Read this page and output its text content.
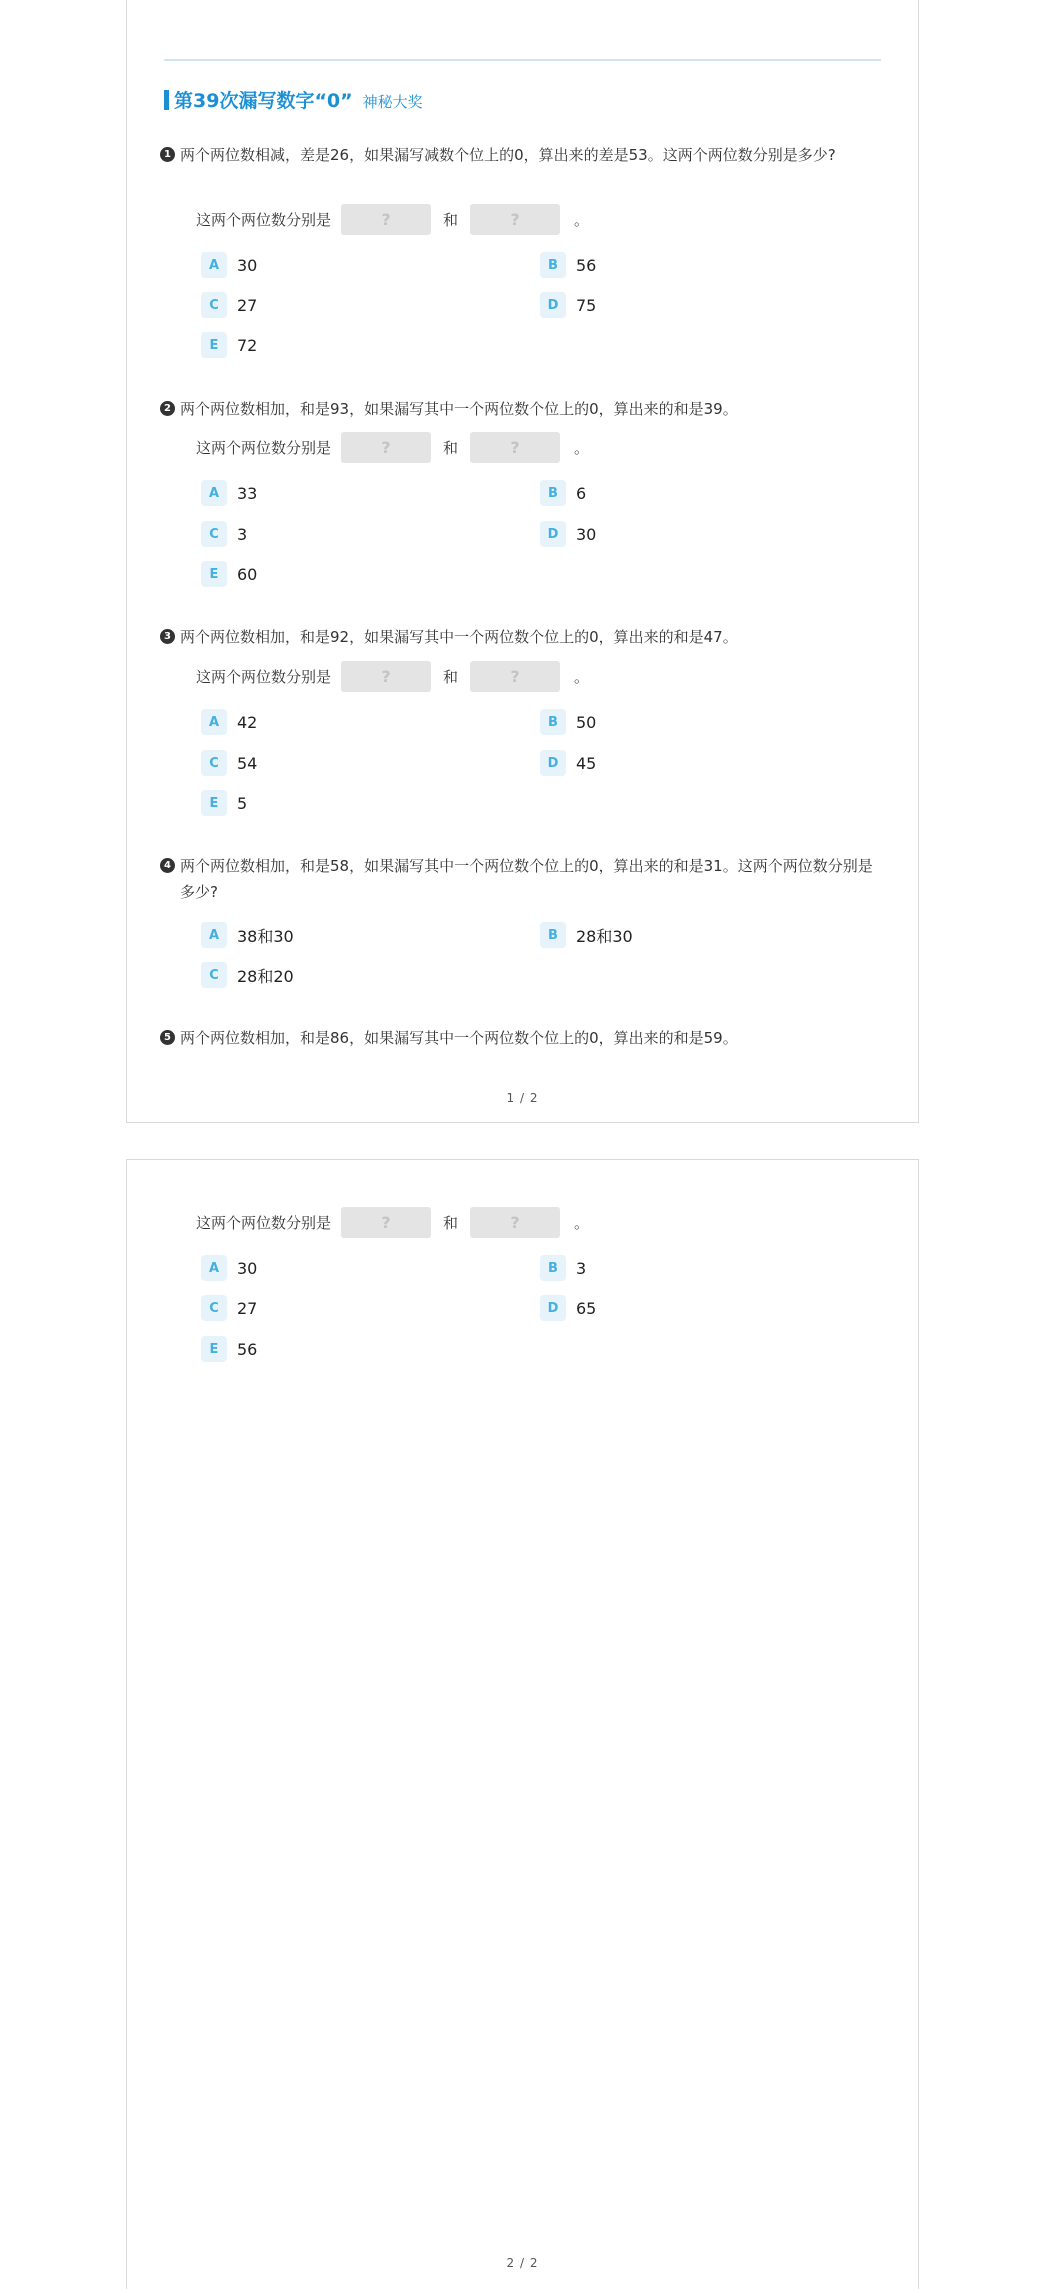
第39次漏写数字“0” 神秘大奖
1 两个两位数相减，差是26，如果漏写减数个位上的0，算出来的差是53。这两个两位数分别是多少?
这两个两位数分别是	?	和	?	。
A	30	B	56
C	27	D	75
E	72
2 两个两位数相加，和是93，如果漏写其中一个两位数个位上的0，算出来的和是39。
这两个两位数分别是	?	和	?	。
A	33	B	6
C	3	D	30
E	60
3 两个两位数相加，和是92，如果漏写其中一个两位数个位上的0，算出来的和是47。
这两个两位数分别是	?	和	?	。
A	42	B	50
C	54	D	45
E	5
4 两个两位数相加，和是58，如果漏写其中一个两位数个位上的0，算出来的和是31。这两个两位数分别是多少?
A	38和30	B	28和30
C	28和20
5 两个两位数相加，和是86，如果漏写其中一个两位数个位上的0，算出来的和是59。
1 / 2
这两个两位数分别是	?	和	?	。
A	30	B	3
C	27	D	65
E	56
2 / 2
